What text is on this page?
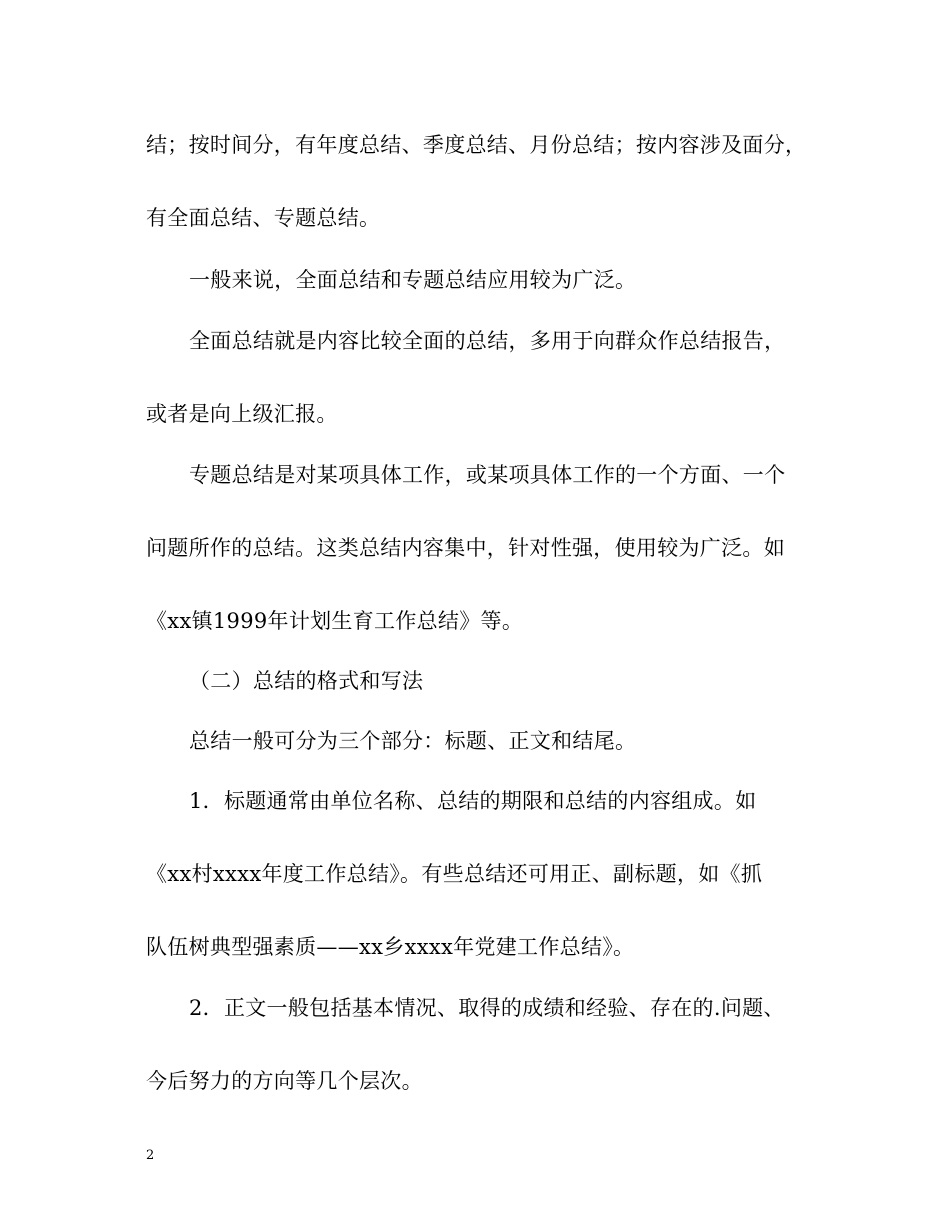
结；按时间分，有年度总结、季度总结、月份总结；按内容涉及面分，
有全面总结、专题总结。
一般来说，全面总结和专题总结应用较为广泛。
全面总结就是内容比较全面的总结，多用于向群众作总结报告，
或者是向上级汇报。
专题总结是对某项具体工作，或某项具体工作的一个方面、一个
问题所作的总结。这类总结内容集中，针对性强，使用较为广泛。如
《xx镇1999年计划生育工作总结》等。
（二）总结的格式和写法
总结一般可分为三个部分：标题、正文和结尾。
1．标题通常由单位名称、总结的期限和总结的内容组成。如
《xx村xxxx年度工作总结》。有些总结还可用正、副标题，如《抓
队伍树典型强素质——xx乡xxxx年党建工作总结》。
2．正文一般包括基本情况、取得的成绩和经验、存在的.问题、
今后努力的方向等几个层次。
2
